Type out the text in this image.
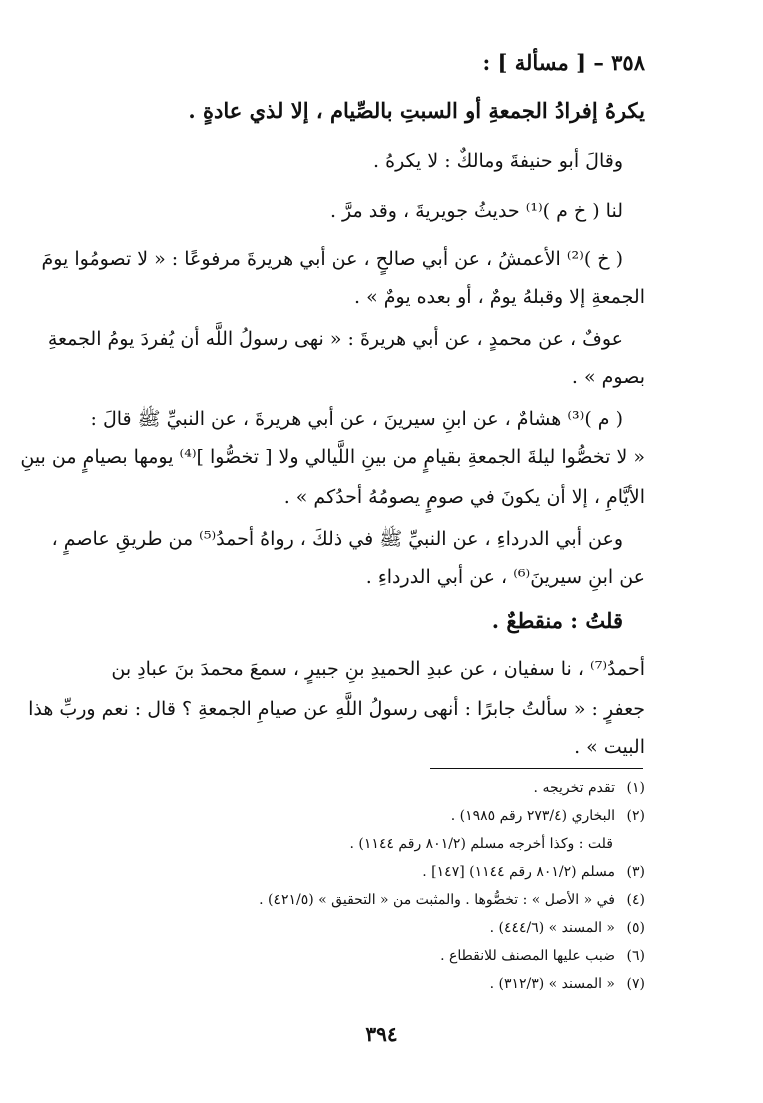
٣٥٨ – [ مسألة ] :
يكرهُ إفرادُ الجمعةِ أو السبتِ بالصِّيام ، إلا لذي عادةٍ .
وقالَ أبو حنيفةَ ومالكٌ : لا يكرهُ .
لنا ( خ م )⁽¹⁾ حديثُ جويريةَ ، وقد مرَّ .
( خ )⁽²⁾ الأعمشُ ، عن أبي صالحٍ ، عن أبي هريرةَ مرفوعًا : « لا تصومُوا يومَ
الجمعةِ إلا وقبلهُ يومٌ ، أو بعده يومٌ » .
عوفٌ ، عن محمدٍ ، عن أبي هريرةَ : « نهى رسولُ اللَّه أن يُفردَ يومُ الجمعةِ
بصوم » .
( م )⁽³⁾ هشامٌ ، عن ابنِ سيرينَ ، عن أبي هريرةَ ، عن النبيِّ ﷺ قالَ :
« لا تخصُّوا ليلةَ الجمعةِ بقيامٍ من بينِ اللَّيالي ولا [ تخصُّوا ]⁽⁴⁾ يومها بصيامٍ من بينِ
الأيَّامِ ، إلا أن يكونَ في صومٍ يصومُهُ أحدُكم » .
وعن أبي الدرداءِ ، عن النبيِّ ﷺ في ذلكَ ، رواهُ أحمدُ⁽⁵⁾ من طريقِ عاصمٍ ،
عن ابنِ سيرينَ⁽⁶⁾ ، عن أبي الدرداءِ .
قلتُ : منقطعٌ .
أحمدُ⁽⁷⁾ ، نا سفيان ، عن عبدِ الحميدِ بنِ جبيرٍ ، سمعَ محمدَ بنَ عبادِ بن
جعفرٍ : « سألتُ جابرًا : أنهى رسولُ اللَّهِ عن صيامِ الجمعةِ ؟ قال : نعم وربِّ هذا
البيت » .
(١)تقدم تخريجه .
(٢)البخاري (٢٧٣/٤ رقم ١٩٨٥) .
قلت : وكذا أخرجه مسلم (٨٠١/٢ رقم ١١٤٤) .
(٣)مسلم (٨٠١/٢ رقم ١١٤٤) [١٤٧] .
(٤)في « الأصل » : تخصُّوها . والمثبت من « التحقيق » (٤٢١/٥) .
(٥)« المسند » (٤٤٤/٦) .
(٦)ضبب عليها المصنف للانقطاع .
(٧)« المسند » (٣١٢/٣) .
٣٩٤
